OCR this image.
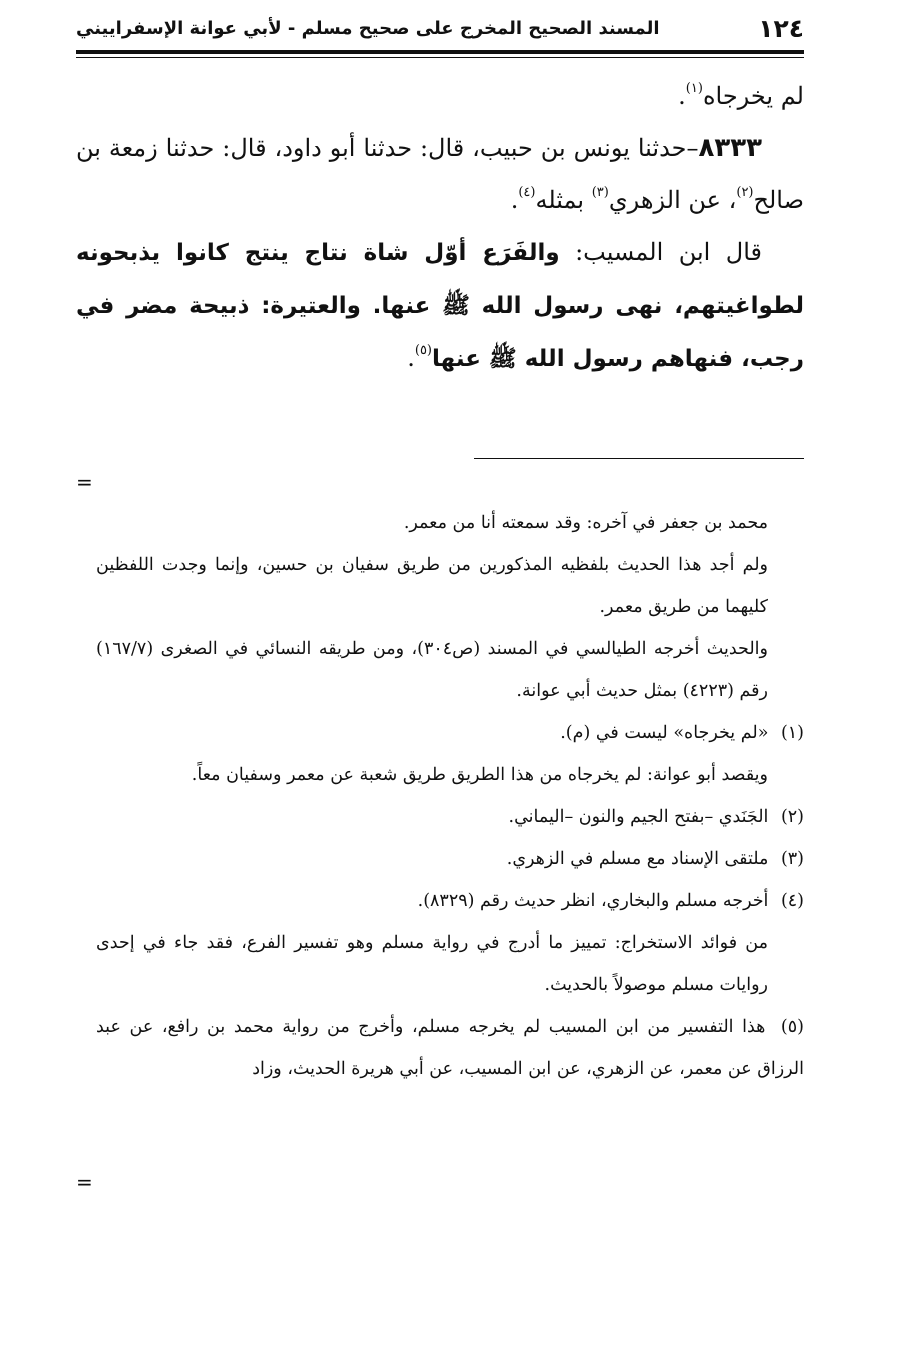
١٢٤
المسند الصحيح المخرج على صحيح مسلم - لأبي عوانة الإسفراييني

لم يخرجاه$^{(١)}$.

٨٣٣٣–حدثنا يونس بن حبيب، قال: حدثنا أبو داود، قال: حدثنا زمعة بن صالح$^{(٢)}$، عن الزهري$^{(٣)}$ بمثله$^{(٤)}$.

قال ابن المسيب: والفَرَع أوّل شاة نتاج ينتج كانوا يذبحونه لطواغيتهم، نهى رسول الله ﷺ عنها. والعتيرة: ذبيحة مضر في رجب، فنهاهم رسول الله ﷺ عنها$^{(٥)}$.

=

محمد بن جعفر في آخره: وقد سمعته أنا من معمر.

ولم أجد هذا الحديث بلفظيه المذكورين من طريق سفيان بن حسين، وإنما وجدت اللفظين كليهما من طريق معمر.

والحديث أخرجه الطيالسي في المسند (ص٣٠٤)، ومن طريقه النسائي في الصغرى (١٦٧/٧) رقم (٤٢٢٣) بمثل حديث أبي عوانة.

(١) «لم يخرجاه» ليست في (م).

ويقصد أبو عوانة: لم يخرجاه من هذا الطريق طريق شعبة عن معمر وسفيان معاً.

(٢) الجَنَدي –بفتح الجيم والنون –اليماني.

(٣) ملتقى الإسناد مع مسلم في الزهري.

(٤) أخرجه مسلم والبخاري، انظر حديث رقم (٨٣٢٩).

من فوائد الاستخراج: تمييز ما أدرج في رواية مسلم وهو تفسير الفرع، فقد جاء في إحدى روايات مسلم موصولاً بالحديث.

(٥) هذا التفسير من ابن المسيب لم يخرجه مسلم، وأخرج من رواية محمد بن رافع، عن عبد الرزاق عن معمر، عن الزهري، عن ابن المسيب، عن أبي هريرة الحديث، وزاد

=
